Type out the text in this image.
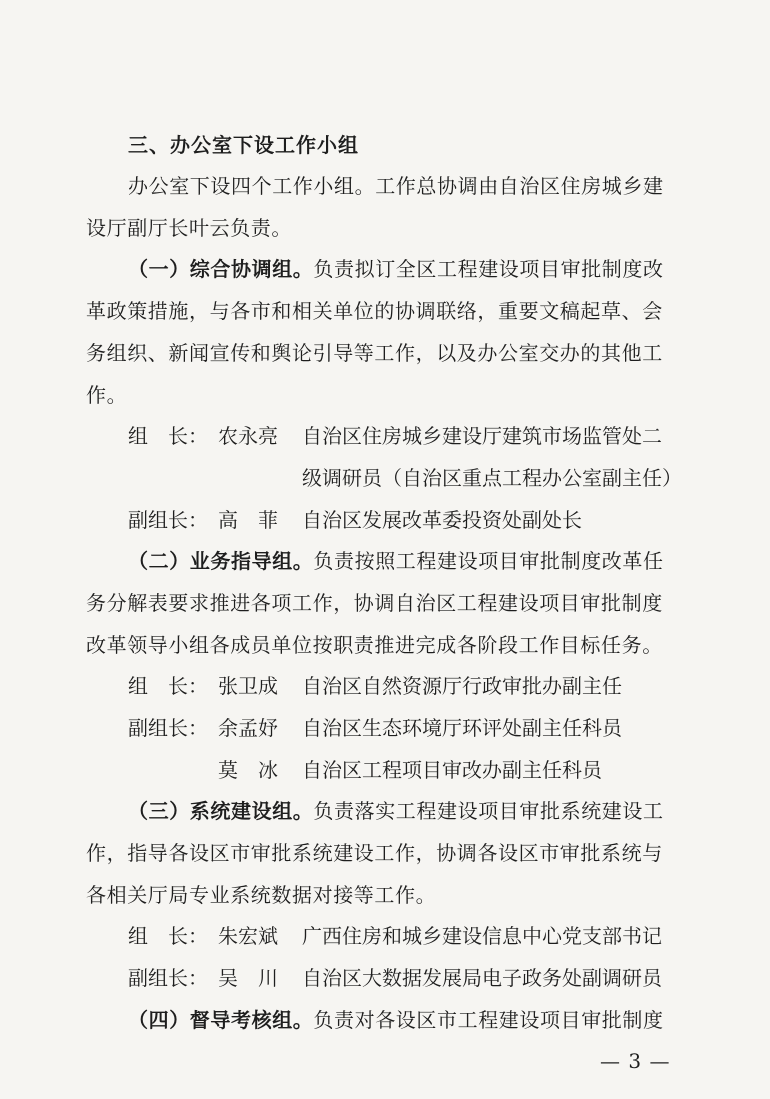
三、办公室下设工作小组
办公室下设四个工作小组。工作总协调由自治区住房城乡建
设厅副厅长叶云负责。
（一）综合协调组。负责拟订全区工程建设项目审批制度改
革政策措施，与各市和相关单位的协调联络，重要文稿起草、会
务组织、新闻宣传和舆论引导等工作，以及办公室交办的其他工
作。
组　长： 农永亮 自治区住房城乡建设厅建筑市场监管处二
级调研员（自治区重点工程办公室副主任）
副组长： 高　菲 自治区发展改革委投资处副处长
（二）业务指导组。负责按照工程建设项目审批制度改革任
务分解表要求推进各项工作，协调自治区工程建设项目审批制度
改革领导小组各成员单位按职责推进完成各阶段工作目标任务。
组　长： 张卫成 自治区自然资源厅行政审批办副主任
副组长： 余孟妤 自治区生态环境厅环评处副主任科员
莫　冰 自治区工程项目审改办副主任科员
（三）系统建设组。负责落实工程建设项目审批系统建设工
作，指导各设区市审批系统建设工作，协调各设区市审批系统与
各相关厅局专业系统数据对接等工作。
组　长： 朱宏斌 广西住房和城乡建设信息中心党支部书记
副组长： 吴　川 自治区大数据发展局电子政务处副调研员
（四）督导考核组。负责对各设区市工程建设项目审批制度
— 3 —
